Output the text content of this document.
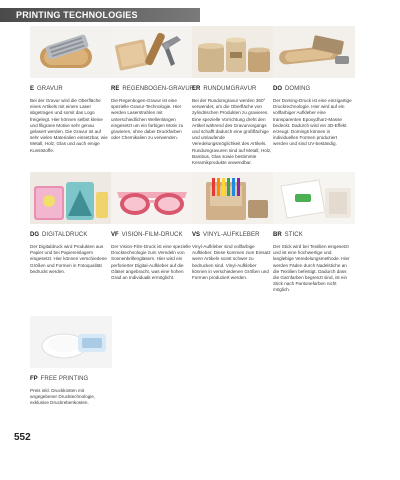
PRINTING TECHNOLOGIES
E GRAVUR
Bei der Gravur wird die Oberfläche eines Artikels mit einem Laser abgetragen und somit das Logo freigelegt. Hier können selbst kleine und filigrane Motive sehr genau gelasert werden. Die Gravur ist auf sehr vielen Materialien einsetzbar, wie Metall, Holz, Glas und auch einige Kunststoffe.
RE REGENBOGEN-GRAVUR
Die Regenbogen-Gravur ist eine spezielle Gravur-Technologie. Hier werden Laserstrahlen mit unterschiedlichen Wellenlängen eingesetzt um ein farbigen Motiv zu gravieren, ohne dabei Druckfarben oder Chemikalien zu verwenden.
ER RUNDUMGRAVUR
Bei der Rundumgravur werden 360° verwendet, um die Oberfläche von zylindrischen Produkten zu gravieren. Eine spezielle Vorrichtung dreht den Artikel während des Gravurvorgangs und schafft dadurch eine großflächige und umlaufende Veredelungsmöglichkeit des Artikels. Rundumgravuren sind auf Metall, Holz, Bambus, Glas sowie bestimmte Keramikprodukte anwendbar.
DO DOMING
Der Doming-Druck ist eine einzigartige Druckrechnologie. Hier wird auf ein vollfarbiger Aufkleber eine transparenten Epoxydharz-Masse bedeckt. Dadurch wird ein 3D-Effekt erzeugt. Domings können in individuellen Formen produziert werden und sind UV-beständig.
DG DIGITALDRUCK
Der Digitaldruck wird Produkten aus Papier und bei Papiereinlagern eingesetzt. Hier können verschiedene Größen und Formen in Fotoqualität bedruckt werden.
VF VISION-FILM-DRUCK
Der Vision-Film-Druck ist eine spezielle Drucktechnologie zum Veredeln von Sonnenbrillengläsern. Hier wird ein perforierter Digital-Aufkleber auf die Gläser angebracht, was eine hohen Grad an Individualit ermöglicht.
VS VINYL-AUFKLEBER
Vinyl-Aufkleber sind vollfarbige Aufkleber. Diese kommen zum Einsatz wenn Artikeln sonst schwer zu bedrucken sind. Vinyl-Aufkleber können in verschiedenen Größen und Formen produziert werden.
BR STICK
Der Stick wird bei Textilien eingesetzt und ist eine hochwertige und langlebige Veredelungsmethode. Hier werden Fäden durch Nadelstiche an die Textilien befestigt. Dadurch dass die Garnfarben begrenzt sind, ist ein Stick nach Pantonefarben nicht möglich.
FP FREE PRINTING
Preis inkl. Druckkosten mit angegebener Drucktechnologie, exklusive Druckrebenkosten.
552
